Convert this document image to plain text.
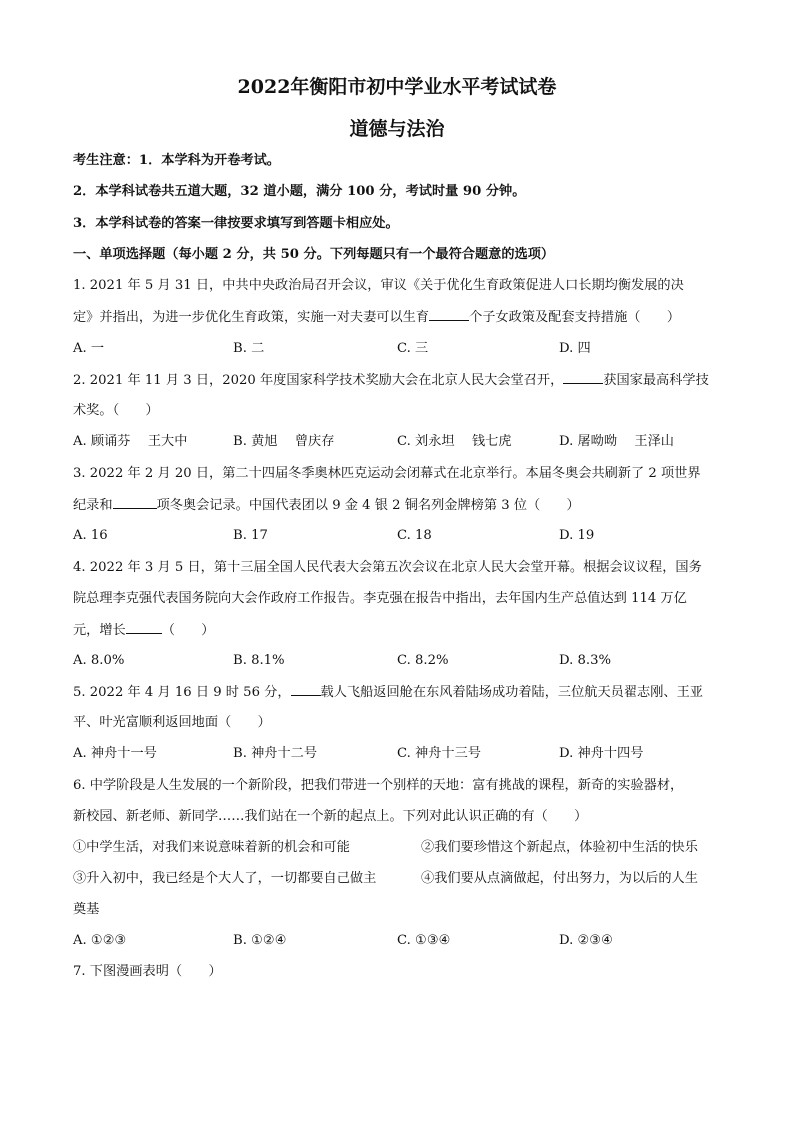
2022年衡阳市初中学业水平考试试卷
道德与法治
考生注意：1．本学科为开卷考试。
2．本学科试卷共五道大题，32 道小题，满分 100 分，考试时量 90 分钟。
3．本学科试卷的答案一律按要求填写到答题卡相应处。
一、单项选择题（每小题 2 分，共 50 分。下列每题只有一个最符合题意的选项）
1. 2021 年 5 月 31 日，中共中央政治局召开会议，审议《关于优化生育政策促进人口长期均衡发展的决
定》并指出，为进一步优化生育政策，实施一对夫妻可以生育	个子女政策及配套支持措施（　　）
A. 一	B. 二	C. 三	D. 四
2. 2021 年 11 月 3 日，2020 年度国家科学技术奖励大会在北京人民大会堂召开，	获国家最高科学技
术奖。（　　）
A. 顾诵芬　 王大中	B. 黄旭　 曾庆存	C. 刘永坦　 钱七虎	D. 屠呦呦　 王泽山
3. 2022 年 2 月 20 日，第二十四届冬季奥林匹克运动会闭幕式在北京举行。本届冬奥会共刷新了 2 项世界
纪录和	项冬奥会记录。中国代表团以 9 金 4 银 2 铜名列金牌榜第 3 位（　　）
A. 16	B. 17	C. 18	D. 19
4. 2022 年 3 月 5 日，第十三届全国人民代表大会第五次会议在北京人民大会堂开幕。根据会议议程，国务
院总理李克强代表国务院向大会作政府工作报告。李克强在报告中指出，去年国内生产总值达到 114 万亿
元，增长	（　　）
A. 8.0%	B. 8.1%	C. 8.2%	D. 8.3%
5. 2022 年 4 月 16 日 9 时 56 分， 载人飞船返回舱在东风着陆场成功着陆，三位航天员翟志刚、王亚
平、叶光富顺利返回地面（　　）
A. 神舟十一号	B. 神舟十二号	C. 神舟十三号	D. 神舟十四号
6. 中学阶段是人生发展的一个新阶段，把我们带进一个别样的天地：富有挑战的课程，新奇的实验器材，
新校园、新老师、新同学……我们站在一个新的起点上。下列对此认识正确的有（　　）
①中学生活，对我们来说意味着新的机会和可能	②我们要珍惜这个新起点，体验初中生活的快乐
③升入初中，我已经是个大人了，一切都要自己做主	④我们要从点滴做起，付出努力，为以后的人生
奠基
A. ①②③	B. ①②④	C. ①③④	D. ②③④
7. 下图漫画表明（　　）
